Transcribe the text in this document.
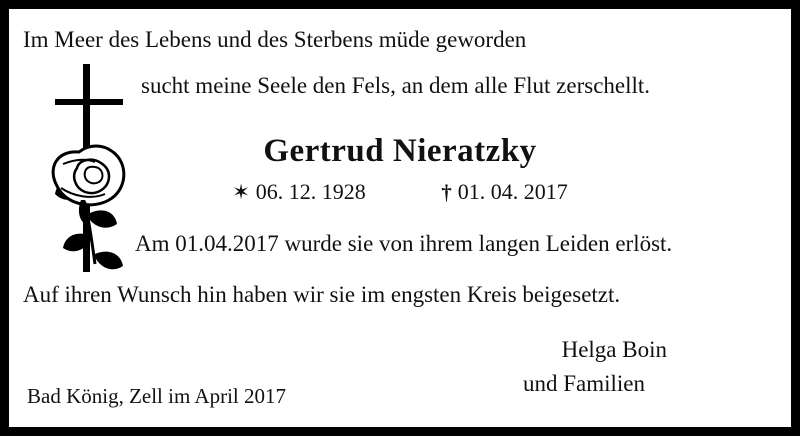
Im Meer des Lebens und des Sterbens müde geworden
sucht meine Seele den Fels, an dem alle Flut zerschellt.
Gertrud Nieratzky
✶ 06. 12. 1928	† 01. 04. 2017
Am 01.04.2017 wurde sie von ihrem langen Leiden erlöst.
Auf ihren Wunsch hin haben wir sie im engsten Kreis beigesetzt.
Helga Boin
und Familien
Bad König, Zell im April 2017
